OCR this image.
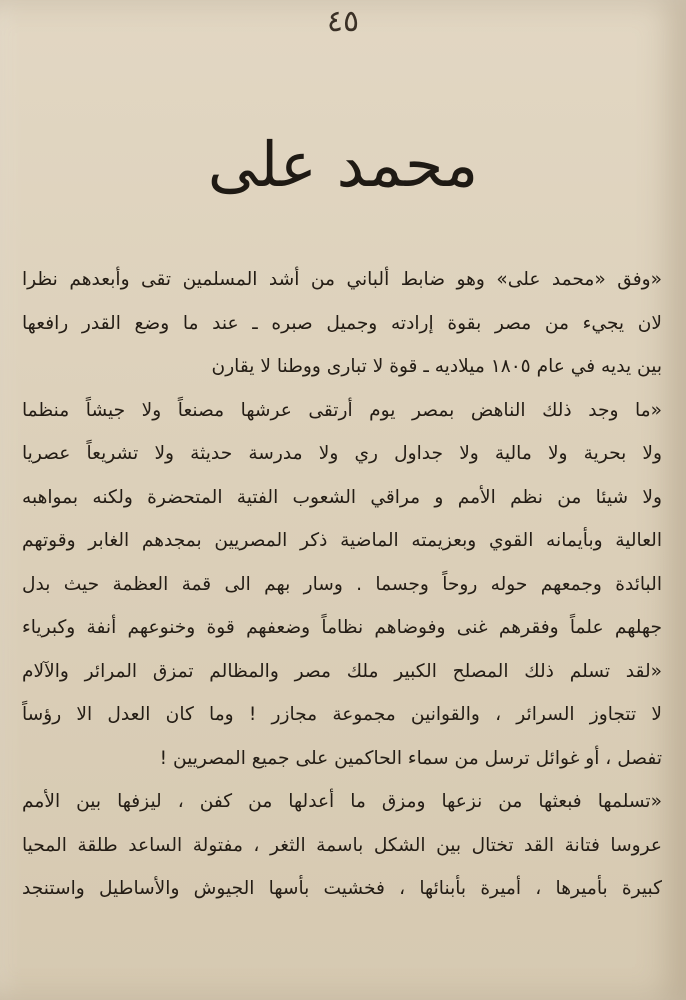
٤٥
محمد على
«وفق «محمد على» وهو ضابط ألباني من أشد المسلمين تقى وأبعدهم نظرا
لان يجيء من مصر بقوة إرادته وجميل صبره ـ عند ما وضع القدر رافعها
بين يديه في عام ١٨٠٥ ميلاديه ـ قوة لا تبارى ووطنا لا يقارن
«ما وجد ذلك الناهض بمصر يوم أرتقى عرشها مصنعاً ولا جيشاً منظما
ولا بحرية ولا مالية ولا جداول ري ولا مدرسة حديثة ولا تشريعاً عصريا
ولا شيئا من نظم الأمم و مراقي الشعوب الفتية المتحضرة ولكنه بمواهبه
العالية وبأيمانه القوي وبعزيمته الماضية ذكر المصريين بمجدهم الغابر وقوتهم
البائدة وجمعهم حوله روحاً وجسما . وسار بهم الى قمة العظمة حيث بدل
جهلهم علماً وفقرهم غنى وفوضاهم نظاماً وضعفهم قوة وخنوعهم أنفة وكبرياء
«لقد تسلم ذلك المصلح الكبير ملك مصر والمظالم تمزق المرائر والآلام
لا تتجاوز السرائر ، والقوانين مجموعة مجازر ! وما كان العدل الا رؤساً
تفصل ، أو غوائل ترسل من سماء الحاكمين على جميع المصريين !
«تسلمها فبعثها من نزعها ومزق ما أعدلها من كفن ، ليزفها بين الأمم
عروسا فتانة القد تختال بين الشكل باسمة الثغر ، مفتولة الساعد طلقة المحيا
كبيرة بأميرها ، أميرة بأبنائها ، فخشيت بأسها الجيوش والأساطيل واستنجد
